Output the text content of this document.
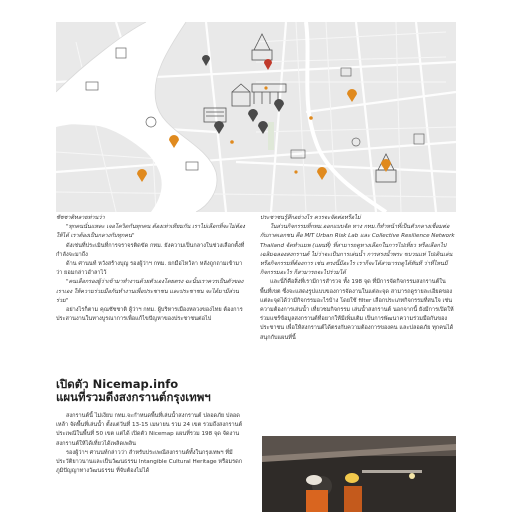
ชัชชาติหลายท่านว่า

"ทุกคนนั่นแหละ เจอโควิดกันทุกคน ต้องเท่าเทียมกัน เราไม่เลือกที่จะไม่ต้องให้ได้ เราต้องเป็นกลางกับทุกคน"

ดังเช่นที่ประเมินที่การจราจรติดขัด กทม. ยังความเป็นกลางในช่วงเลือกตั้งที่กำลังจะมาถึง

ด้าน ศานนท์ หวังสร้างบุญ รองผู้ว่าฯ กทม. ยกมือไหว้ลา หลังถูกถามเข้ามาว่า ยอมกล่าวอำลาไว้

"คนเลือกรองผู้ว่าเข้ามาทำงานด้วยตัวเองโดยตรง ฉะนั้นเราควรเป็นตัวของเราเอง ให้ความร่วมมือกันทำงานเพื่อประชาชน และประชาชน จะได้มามีส่วนร่วม"

อย่างไรก็ตาม คุณชัชชาติ ผู้ว่าฯ กทม. ผู้บริหารเมืองหลวงของไทย ต้องการประสานงานในทางบูรณาการเพื่อแก้ไขปัญหาของประชาชนต่อไป

เปิดตัว Nicemap.info
แผนที่รวมดีงสงกรานต์กรุงเทพฯ

สงกรานต์นี้ ไม่เงียบ กทม.จะกำหนดพื้นที่เล่นน้ำสงกรานต์ ปลอดภัย ปลอดเหล้า จัดพื้นที่เล่นน้ำ ตั้งแต่วันที่ 13-15 เมษายน รวม 24 เขต รวมถึงสงกรานต์ประเพณีในพื้นที่ 50 เขต แต่ได้ เปิดตัว Nicemap แผนที่รวม 198 จุด จัดงานสงกรานต์ให้ได้เที่ยวได้เพลิดเพลิน

รองผู้ว่าฯ ศานนท์กล่าวว่า สำหรับประเพณีสงกรานต์ทั้งในกรุงเทพฯ ที่มีประวัติยาวนานและเป็นวัฒนธรรม Intangible Cultural Heritage หรือมรดกภูมิปัญญาทางวัฒนธรรม ที่จับต้องไม่ได้

ประชาชนรู้สึกอย่างไร ควรจะจัดต่อหรือไม่

ในส่วนกิจกรรมที่กทม.ออกแบบจัด ทาง กทม.ก็ทำหน้าที่เป็นตัวกลางเชื่อมต่อกับภาคเอกชน คือ MIT Urban Risk Lab และ Collective Resilience Network Thailand จัดทำแมพ (แผนที่) ที่สามารถดูทางเลือกในการไปเที่ยว หรือเลือกไปเฉลิมฉลองสงกรานต์ ไม่ว่าจะเป็นการเล่นน้ำ การสรงน้ำพระ ขบวนแห่ ไปเดินเล่น หรือกิจกรรมที่ต้องการ เช่น ตรงนี้มีอะไร เราก็จะได้สามารถดูได้ทันที ว่าที่ไหนมีกิจกรรมอะไร ก็สามารถจะไปร่วมได้

และนี่ก็คือสิ่งที่เรามีการสำรวจ ทั้ง 198 จุด ที่มีการจัดกิจกรรมสงกรานต์ในพื้นที่เขต ซึ่งจะแสดงรูปแบบของการจัดงานในแต่ละจุด สามารถดูรายละเอียดของแต่ละจุดได้ว่ามีกิจกรรมอะไรบ้าง โดยใช้ filter เลือกประเภทกิจกรรมที่สนใจ เช่น ความต้องการเล่นน้ำ เที่ยวชมกิจกรรม เล่นน้ำสงกรานต์ นอกจากนี้ ยังมีการเปิดให้ร่วมแชร์ข้อมูลสงกรานต์ที่อยากให้มีเพิ่มเติม เป็นการพัฒนาความร่วมมือกันของประชาชน เพื่อให้สงกรานต์ได้ตรงกับความต้องการของคน และปลอดภัย ทุกคนได้สนุกกับแผนที่นี้
